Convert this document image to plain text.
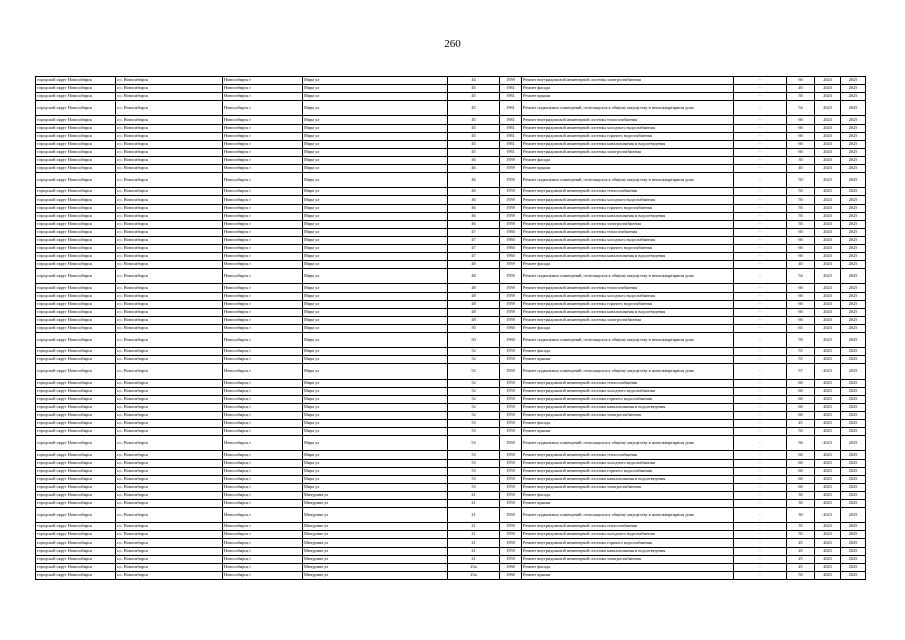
260
городской округ Новосибирск	г.о. Новосибирск	Новосибирск г	Мира ул	44	1959	Ремонт внутридомовой инженерной системы электроснабжения	-	60	2023	2025
городской округ Новосибирск	г.о. Новосибирск	Новосибирск г	Мира ул	45	1961	Ремонт фасада	-	40	2023	2025
городской округ Новосибирск	г.о. Новосибирск	Новосибирск г	Мира ул	45	1961	Ремонт крыши	-	50	2023	2025
городской округ Новосибирск	г.о. Новосибирск	Новосибирск г	Мира ул	45	1961	Ремонт подвальных помещений, относящихся к общему имуществу в многоквартирном доме	-	54	2023	2025
городской округ Новосибирск	г.о. Новосибирск	Новосибирск г	Мира ул	45	1961	Ремонт внутридомовой инженерной системы теплоснабжения	-	60	2023	2025
городской округ Новосибирск	г.о. Новосибирск	Новосибирск г	Мира ул	45	1961	Ремонт внутридомовой инженерной системы холодного водоснабжения	-	60	2023	2025
городской округ Новосибирск	г.о. Новосибирск	Новосибирск г	Мира ул	45	1961	Ремонт внутридомовой инженерной системы горячего водоснабжения	-	60	2023	2025
городской округ Новосибирск	г.о. Новосибирск	Новосибирск г	Мира ул	45	1961	Ремонт внутридомовой инженерной системы канализования и водоотведения	-	60	2023	2025
городской округ Новосибирск	г.о. Новосибирск	Новосибирск г	Мира ул	45	1961	Ремонт внутридомовой инженерной системы электроснабжения	-	60	2023	2025
городской округ Новосибирск	г.о. Новосибирск	Новосибирск г	Мира ул	46	1959	Ремонт фасада	-	30	2023	2025
городской округ Новосибирск	г.о. Новосибирск	Новосибирск г	Мира ул	46	1959	Ремонт крыши	-	40	2023	2025
городской округ Новосибирск	г.о. Новосибирск	Новосибирск г	Мира ул	46	1959	Ремонт подвальных помещений, относящихся к общему имуществу в многоквартирном доме	-	50	2023	2025
городской округ Новосибирск	г.о. Новосибирск	Новосибирск г	Мира ул	46	1959	Ремонт внутридомовой инженерной системы теплоснабжения	-	50	2023	2025
городской округ Новосибирск	г.о. Новосибирск	Новосибирск г	Мира ул	46	1959	Ремонт внутридомовой инженерной системы холодного водоснабжения	-	50	2023	2025
городской округ Новосибирск	г.о. Новосибирск	Новосибирск г	Мира ул	46	1959	Ремонт внутридомовой инженерной системы горячего водоснабжения	-	50	2023	2025
городской округ Новосибирск	г.о. Новосибирск	Новосибирск г	Мира ул	46	1959	Ремонт внутридомовой инженерной системы канализования и водоотведения	-	50	2023	2025
городской округ Новосибирск	г.о. Новосибирск	Новосибирск г	Мира ул	46	1959	Ремонт внутридомовой инженерной системы электроснабжения	-	50	2023	2025
городской округ Новосибирск	г.о. Новосибирск	Новосибирск г	Мира ул	47	1960	Ремонт внутридомовой инженерной системы теплоснабжения	-	60	2023	2025
городской округ Новосибирск	г.о. Новосибирск	Новосибирск г	Мира ул	47	1960	Ремонт внутридомовой инженерной системы холодного водоснабжения	-	60	2023	2025
городской округ Новосибирск	г.о. Новосибирск	Новосибирск г	Мира ул	47	1960	Ремонт внутридомовой инженерной системы горячего водоснабжения	-	60	2023	2025
городской округ Новосибирск	г.о. Новосибирск	Новосибирск г	Мира ул	47	1960	Ремонт внутридомовой инженерной системы канализования и водоотведения	-	60	2023	2025
городской округ Новосибирск	г.о. Новосибирск	Новосибирск г	Мира ул	48	1959	Ремонт фасада	-	40	2023	2025
городской округ Новосибирск	г.о. Новосибирск	Новосибирск г	Мира ул	48	1959	Ремонт подвальных помещений, относящихся к общему имуществу в многоквартирном доме	-	54	2023	2025
городской округ Новосибирск	г.о. Новосибирск	Новосибирск г	Мира ул	48	1959	Ремонт внутридомовой инженерной системы теплоснабжения	-	60	2023	2025
городской округ Новосибирск	г.о. Новосибирск	Новосибирск г	Мира ул	48	1959	Ремонт внутридомовой инженерной системы холодного водоснабжения	-	60	2023	2025
городской округ Новосибирск	г.о. Новосибирск	Новосибирск г	Мира ул	48	1959	Ремонт внутридомовой инженерной системы горячего водоснабжения	-	60	2023	2025
городской округ Новосибирск	г.о. Новосибирск	Новосибирск г	Мира ул	48	1959	Ремонт внутридомовой инженерной системы канализования и водоотведения	-	60	2023	2025
городской округ Новосибирск	г.о. Новосибирск	Новосибирск г	Мира ул	48	1959	Ремонт внутридомовой инженерной системы электроснабжения	-	60	2023	2025
городской округ Новосибирск	г.о. Новосибирск	Новосибирск г	Мира ул	50	1960	Ремонт фасада	-	65	2023	2025
городской округ Новосибирск	г.о. Новосибирск	Новосибирск г	Мира ул	50	1960	Ремонт подвальных помещений, относящихся к общему имуществу в многоквартирном доме	-	59	2023	2025
городской округ Новосибирск	г.о. Новосибирск	Новосибирск г	Мира ул	52	1959	Ремонт фасада	-	55	2023	2025
городской округ Новосибирск	г.о. Новосибирск	Новосибирск г	Мира ул	52	1959	Ремонт крыши	-	55	2023	2025
городской округ Новосибирск	г.о. Новосибирск	Новосибирск г	Мира ул	52	1959	Ремонт подвальных помещений, относящихся к общему имуществу в многоквартирном доме	-	57	2023	2025
городской округ Новосибирск	г.о. Новосибирск	Новосибирск г	Мира ул	52	1959	Ремонт внутридомовой инженерной системы теплоснабжения	-	60	2023	2025
городской округ Новосибирск	г.о. Новосибирск	Новосибирск г	Мира ул	52	1959	Ремонт внутридомовой инженерной системы холодного водоснабжения	-	60	2023	2025
городской округ Новосибирск	г.о. Новосибирск	Новосибирск г	Мира ул	52	1959	Ремонт внутридомовой инженерной системы горячего водоснабжения	-	60	2023	2025
городской округ Новосибирск	г.о. Новосибирск	Новосибирск г	Мира ул	52	1959	Ремонт внутридомовой инженерной системы канализования и водоотведения	-	60	2023	2025
городской округ Новосибирск	г.о. Новосибирск	Новосибирск г	Мира ул	52	1959	Ремонт внутридомовой инженерной системы электроснабжения	-	60	2023	2025
городской округ Новосибирск	г.о. Новосибирск	Новосибирск г	Мира ул	53	1959	Ремонт фасада	-	45	2023	2025
городской округ Новосибирск	г.о. Новосибирск	Новосибирск г	Мира ул	53	1959	Ремонт крыши	-	50	2023	2025
городской округ Новосибирск	г.о. Новосибирск	Новосибирск г	Мира ул	53	1959	Ремонт подвальных помещений, относящихся к общему имуществу в многоквартирном доме	-	56	2023	2025
городской округ Новосибирск	г.о. Новосибирск	Новосибирск г	Мира ул	53	1959	Ремонт внутридомовой инженерной системы теплоснабжения	-	60	2023	2025
городской округ Новосибирск	г.о. Новосибирск	Новосибирск г	Мира ул	53	1959	Ремонт внутридомовой инженерной системы холодного водоснабжения	-	60	2023	2025
городской округ Новосибирск	г.о. Новосибирск	Новосибирск г	Мира ул	53	1959	Ремонт внутридомовой инженерной системы горячего водоснабжения	-	60	2023	2025
городской округ Новосибирск	г.о. Новосибирск	Новосибирск г	Мира ул	53	1959	Ремонт внутридомовой инженерной системы канализования и водоотведения	-	60	2023	2025
городской округ Новосибирск	г.о. Новосибирск	Новосибирск г	Мира ул	53	1959	Ремонт внутридомовой инженерной системы электроснабжения	-	60	2023	2025
городской округ Новосибирск	г.о. Новосибирск	Новосибирск г	Мичурина ул	21	1959	Ремонт фасада	-	30	2023	2025
городской округ Новосибирск	г.о. Новосибирск	Новосибирск г	Мичурина ул	21	1959	Ремонт крыши	-	30	2023	2025
городской округ Новосибирск	г.о. Новосибирск	Новосибирск г	Мичурина ул	21	1959	Ремонт подвальных помещений, относящихся к общему имуществу в многоквартирном доме	-	30	2023	2025
городской округ Новосибирск	г.о. Новосибирск	Новосибирск г	Мичурина ул	21	1959	Ремонт внутридомовой инженерной системы теплоснабжения	-	35	2023	2025
городской округ Новосибирск	г.о. Новосибирск	Новосибирск г	Мичурина ул	21	1959	Ремонт внутридомовой инженерной системы холодного водоснабжения	-	50	2023	2025
городской округ Новосибирск	г.о. Новосибирск	Новосибирск г	Мичурина ул	21	1959	Ремонт внутридомовой инженерной системы горячего водоснабжения	-	45	2023	2025
городской округ Новосибирск	г.о. Новосибирск	Новосибирск г	Мичурина ул	21	1959	Ремонт внутридомовой инженерной системы канализования и водоотведения	-	20	2023	2025
городской округ Новосибирск	г.о. Новосибирск	Новосибирск г	Мичурина ул	21	1959	Ремонт внутридомовой инженерной системы электроснабжения	-	25	2023	2025
городской округ Новосибирск	г.о. Новосибирск	Новосибирск г	Мичурина ул	23а	1960	Ремонт фасада	-	45	2023	2025
городской округ Новосибирск	г.о. Новосибирск	Новосибирск г	Мичурина ул	23а	1960	Ремонт крыши	-	50	2023	2025
